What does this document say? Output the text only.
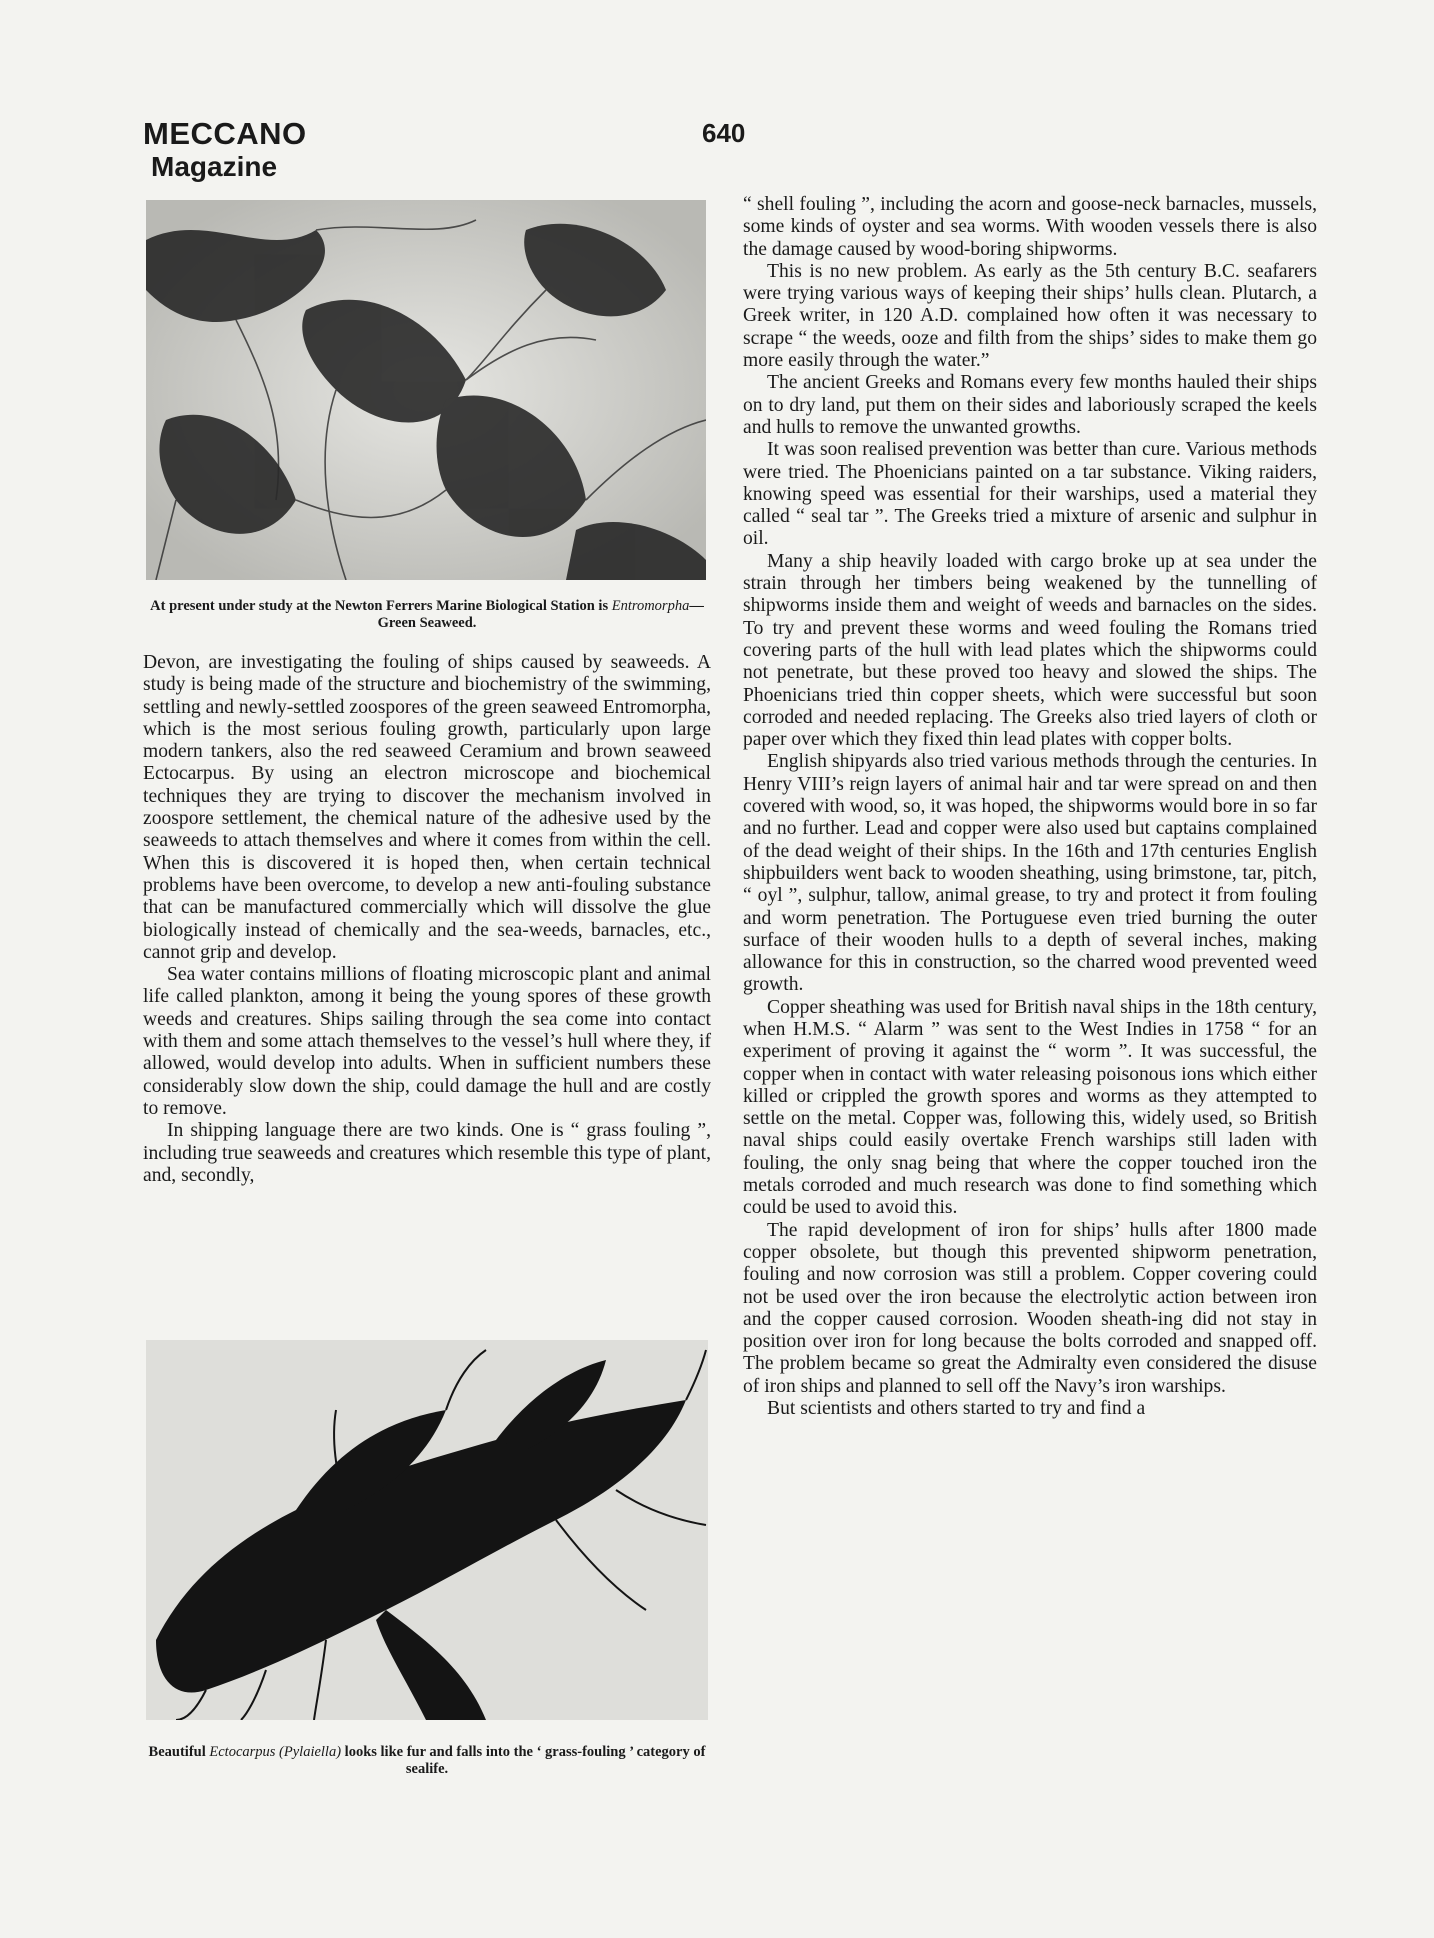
MECCANO
Magazine
640
At present under study at the Newton Ferrers Marine Biological Station is Entromorpha—Green Seaweed.

Devon, are investigating the fouling of ships caused by seaweeds. A study is being made of the structure and biochemistry of the swimming, settling and newly-settled zoospores of the green seaweed Entromorpha, which is the most serious fouling growth, particularly upon large modern tankers, also the red seaweed Ceramium and brown seaweed Ectocarpus. By using an electron microscope and biochemical techniques they are trying to discover the mechanism involved in zoospore settlement, the chemical nature of the adhesive used by the seaweeds to attach themselves and where it comes from within the cell. When this is discovered it is hoped then, when certain technical problems have been overcome, to develop a new anti-fouling substance that can be manufactured commercially which will dissolve the glue biologically instead of chemically and the sea-weeds, barnacles, etc., cannot grip and develop.

Sea water contains millions of floating microscopic plant and animal life called plankton, among it being the young spores of these growth weeds and creatures. Ships sailing through the sea come into contact with them and some attach themselves to the vessel’s hull where they, if allowed, would develop into adults. When in sufficient numbers these considerably slow down the ship, could damage the hull and are costly to remove.

In shipping language there are two kinds. One is “ grass fouling ”, including true seaweeds and creatures which resemble this type of plant, and, secondly,

Beautiful Ectocarpus (Pylaiella) looks like fur and falls into the ‘ grass-fouling ’ category of sealife.

“ shell fouling ”, including the acorn and goose-neck barnacles, mussels, some kinds of oyster and sea worms. With wooden vessels there is also the damage caused by wood-boring shipworms.

This is no new problem. As early as the 5th century B.C. seafarers were trying various ways of keeping their ships’ hulls clean. Plutarch, a Greek writer, in 120 A.D. complained how often it was necessary to scrape “ the weeds, ooze and filth from the ships’ sides to make them go more easily through the water.”

The ancient Greeks and Romans every few months hauled their ships on to dry land, put them on their sides and laboriously scraped the keels and hulls to remove the unwanted growths.

It was soon realised prevention was better than cure. Various methods were tried. The Phoenicians painted on a tar substance. Viking raiders, knowing speed was essential for their warships, used a material they called “ seal tar ”. The Greeks tried a mixture of arsenic and sulphur in oil.

Many a ship heavily loaded with cargo broke up at sea under the strain through her timbers being weakened by the tunnelling of shipworms inside them and weight of weeds and barnacles on the sides. To try and prevent these worms and weed fouling the Romans tried covering parts of the hull with lead plates which the shipworms could not penetrate, but these proved too heavy and slowed the ships. The Phoenicians tried thin copper sheets, which were successful but soon corroded and needed replacing. The Greeks also tried layers of cloth or paper over which they fixed thin lead plates with copper bolts.

English shipyards also tried various methods through the centuries. In Henry VIII’s reign layers of animal hair and tar were spread on and then covered with wood, so, it was hoped, the shipworms would bore in so far and no further. Lead and copper were also used but captains complained of the dead weight of their ships. In the 16th and 17th centuries English shipbuilders went back to wooden sheathing, using brimstone, tar, pitch, “ oyl ”, sulphur, tallow, animal grease, to try and protect it from fouling and worm penetration. The Portuguese even tried burning the outer surface of their wooden hulls to a depth of several inches, making allowance for this in construction, so the charred wood prevented weed growth.

Copper sheathing was used for British naval ships in the 18th century, when H.M.S. “ Alarm ” was sent to the West Indies in 1758 “ for an experiment of proving it against the “ worm ”. It was successful, the copper when in contact with water releasing poisonous ions which either killed or crippled the growth spores and worms as they attempted to settle on the metal. Copper was, following this, widely used, so British naval ships could easily overtake French warships still laden with fouling, the only snag being that where the copper touched iron the metals corroded and much research was done to find something which could be used to avoid this.

The rapid development of iron for ships’ hulls after 1800 made copper obsolete, but though this prevented shipworm penetration, fouling and now corrosion was still a problem. Copper covering could not be used over the iron because the electrolytic action between iron and the copper caused corrosion. Wooden sheath-ing did not stay in position over iron for long because the bolts corroded and snapped off. The problem became so great the Admiralty even considered the disuse of iron ships and planned to sell off the Navy’s iron warships.

But scientists and others started to try and find a
